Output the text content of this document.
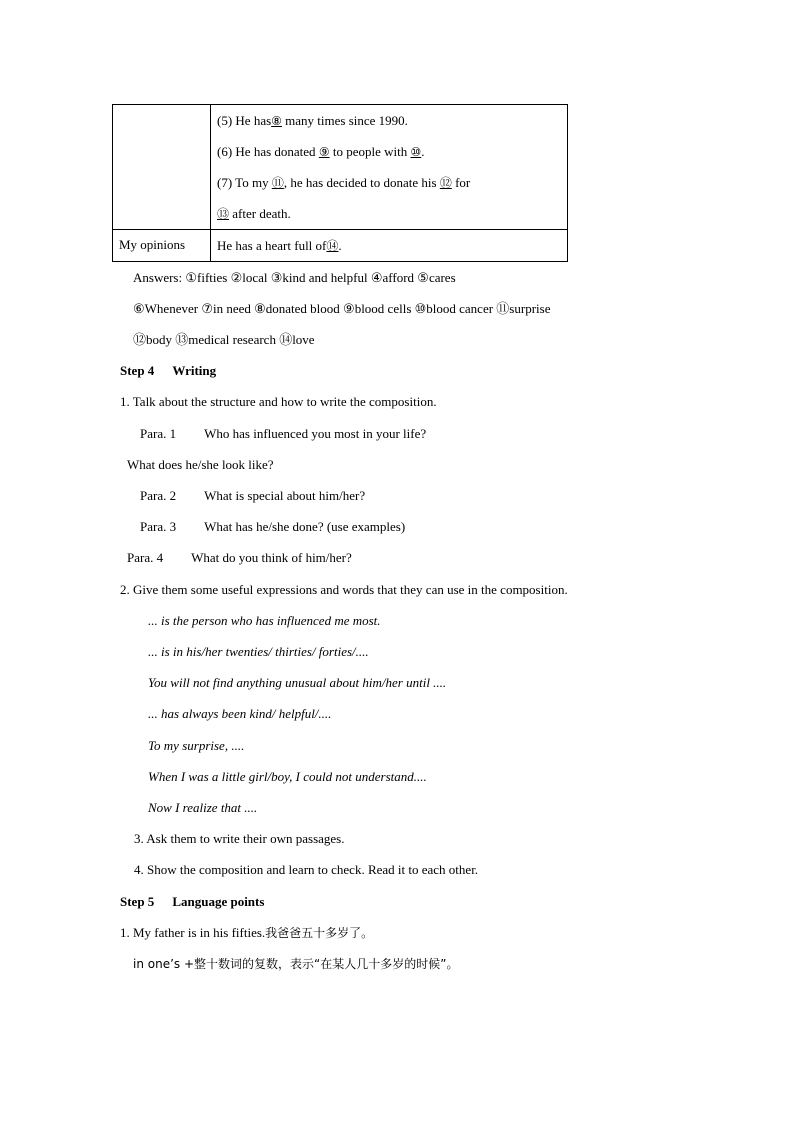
	(5) He has⑧ many times since 1990.
(6) He has donated ⑨ to people with ⑩.
(7) To my ⑪, he has decided to donate his ⑫ for
⑬ after death.

My opinions	He has a heart full of⑭.
Answers: ①fifties ②local ③kind and helpful ④afford ⑤cares
⑥Whenever ⑦in need ⑧donated blood ⑨blood cells ⑩blood cancer ⑪surprise
⑫body ⑬medical research ⑭love
Step 4 Writing
1. Talk about the structure and how to write the composition.
Para. 1 Who has influenced you most in your life?
What does he/she look like?
Para. 2 What is special about him/her?
Para. 3 What has he/she done? (use examples)
Para. 4 What do you think of him/her?
2. Give them some useful expressions and words that they can use in the composition.
... is the person who has influenced me most.
... is in his/her twenties/ thirties/ forties/....
You will not find anything unusual about him/her until ....
... has always been kind/ helpful/....
To my surprise, ....
When I was a little girl/boy, I could not understand....
Now I realize that ....
3. Ask them to write their own passages.
4. Show the composition and learn to check. Read it to each other.
Step 5 Language points
1. My father is in his fifties.我爸爸五十多岁了。
in one’s +整十数词的复数，表示“在某人几十多岁的时候”。
